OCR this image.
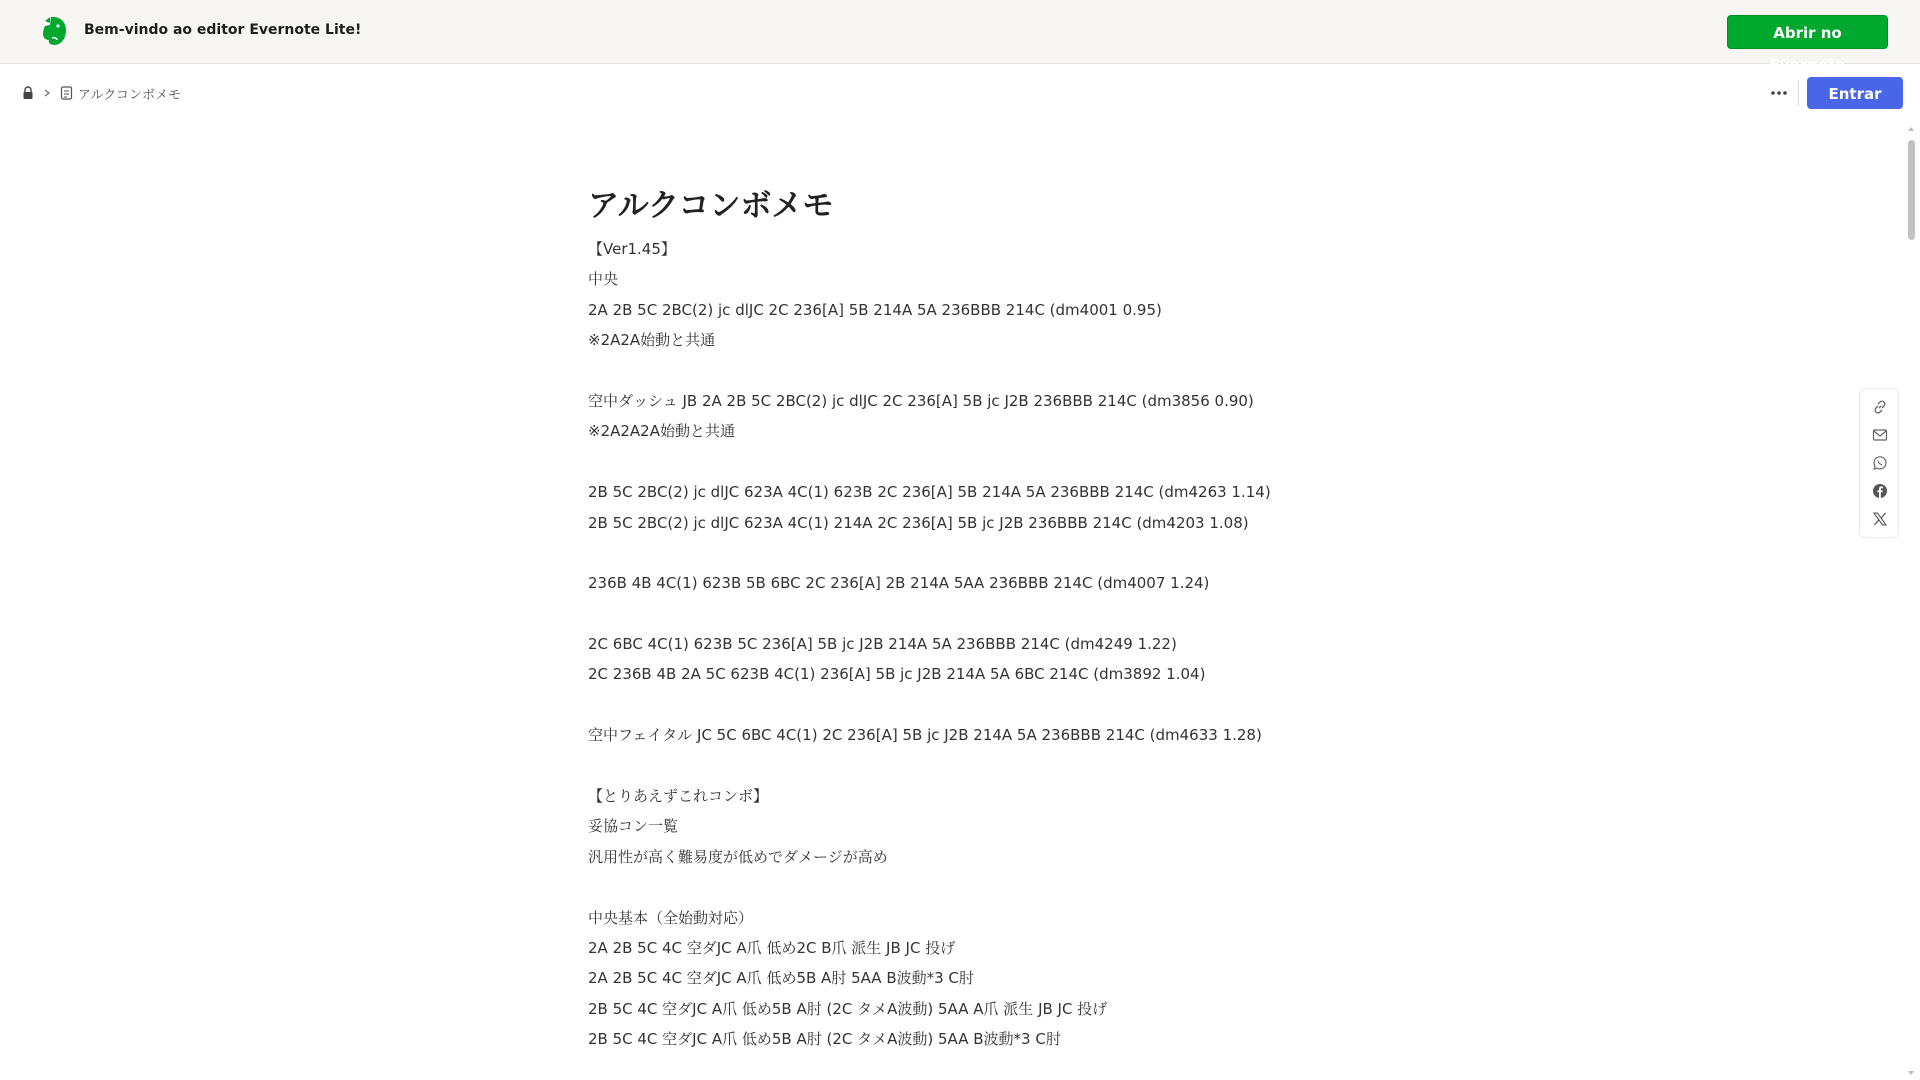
Bem-vindo ao editor Evernote Lite!	Abrir no Evernote
アルクコンボメモ	Entrar
アルクコンボメモ
【Ver1.45】
中央
2A 2B 5C 2BC(2) jc dlJC 2C 236[A] 5B 214A 5A 236BBB 214C (dm4001 0.95)
※2A2A始動と共通
空中ダッシュ JB 2A 2B 5C 2BC(2) jc dlJC 2C 236[A] 5B jc J2B 236BBB 214C (dm3856 0.90)
※2A2A2A始動と共通
2B 5C 2BC(2) jc dlJC 623A 4C(1) 623B 2C 236[A] 5B 214A 5A 236BBB 214C (dm4263 1.14)
2B 5C 2BC(2) jc dlJC 623A 4C(1) 214A 2C 236[A] 5B jc J2B 236BBB 214C (dm4203 1.08)
236B 4B 4C(1) 623B 5B 6BC 2C 236[A] 2B 214A 5AA 236BBB 214C (dm4007 1.24)
2C 6BC 4C(1) 623B 5C 236[A] 5B jc J2B 214A 5A 236BBB 214C (dm4249 1.22)
2C 236B 4B 2A 5C 623B 4C(1) 236[A] 5B jc J2B 214A 5A 6BC 214C (dm3892 1.04)
空中フェイタル JC 5C 6BC 4C(1) 2C 236[A] 5B jc J2B 214A 5A 236BBB 214C (dm4633 1.28)
【とりあえずこれコンボ】
妥協コン一覧
汎用性が高く難易度が低めでダメージが高め
中央基本（全始動対応）
2A 2B 5C 4C 空ダJC A爪 低め2C B爪 派生 JB JC 投げ
2A 2B 5C 4C 空ダJC A爪 低め5B A肘 5AA B波動*3 C肘
2B 5C 4C 空ダJC A爪 低め5B A肘 (2C タメA波動) 5AA A爪 派生 JB JC 投げ
2B 5C 4C 空ダJC A爪 低め5B A肘 (2C タメA波動) 5AA B波動*3 C肘
